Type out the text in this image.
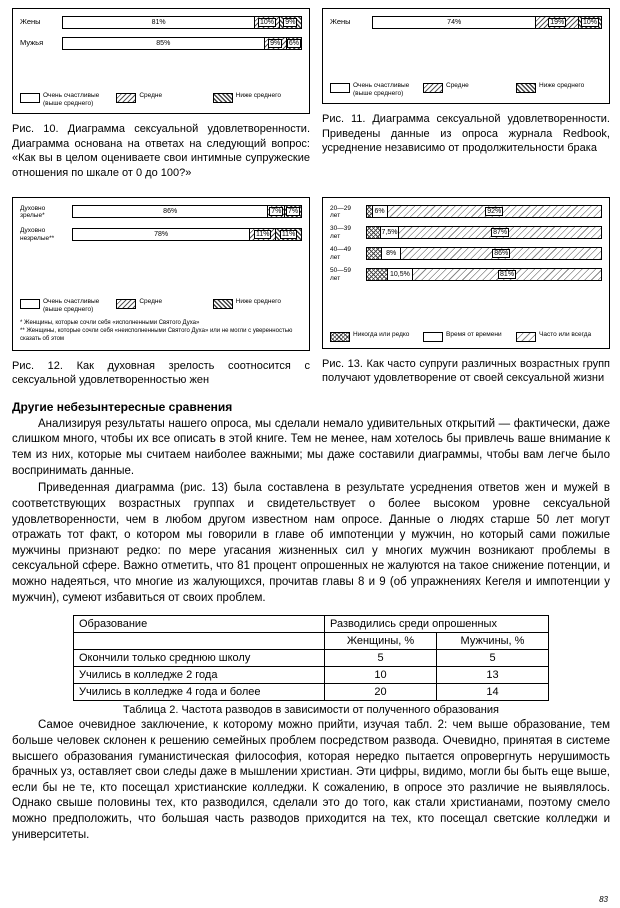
Жены	81%	10% 9%
Мужья	85%	9% 6%
Очень счастливые (выше среднего)
Средне	Ниже среднего

Рис. 10. Диаграмма сексуальной удовлетворенности. Диаграмма основана на ответах на следующий вопрос: «Как вы в целом оцениваете свои интимные супружеские отношения по шкале от 0 до 100?»

Жены	74%	19%	10%
Очень счастливые (выше среднего)
Средне	Ниже среднего

Рис. 11. Диаграмма сексуальной удовлетворенности. Приведены данные из опроса журнала Redbook, усреднение независимо от продолжительности брака

Духовно зрелые*	86%	7% 7%
Духовно незрелые**	78%	11% 11%
Очень счастливые (выше среднего)
Средне	Ниже среднего
* Женщины, которые сочли себя «исполненными Святого Духа»
** Женщины, которые сочли себя «неисполненными Святого Духа» или не могли с уверенностью сказать об этом

Рис. 12. Как духовная зрелость соотносится с сексуальной удовлетворенностью жен

20—29 лет	6%	92%
30—39 лет	7,5%	87%
40—49 лет	8%	86%
50—59 лет	10,5%	81%
Никогда или редко	Время от времени	Часто или всегда

Рис. 13. Как часто супруги различных возрастных групп получают удовлетворение от своей сексуальной жизни

Другие небезынтересные сравнения

Анализируя результаты нашего опроса, мы сделали немало удивительных открытий — фактически, даже слишком много, чтобы их все описать в этой книге. Тем не менее, нам хотелось бы привлечь ваше внимание к тем из них, которые мы считаем наиболее важными; мы даже составили диаграммы, чтобы вам легче было воспринимать данные.

Приведенная диаграмма (рис. 13) была составлена в результате усреднения ответов жен и мужей в соответствующих возрастных группах и свидетельствует о более высоком уровне сексуальной удовлетворенности, чем в любом другом известном нам опросе. Данные о людях старше 50 лет могут отражать тот факт, о котором мы говорили в главе об импотенции у мужчин, но который сами пожилые мужчины признают редко: по мере угасания жизненных сил у многих мужчин возникают проблемы в сексуальной сфере. Важно отметить, что 81 процент опрошенных не жалуются на такое снижение потенции, и можно надеяться, что многие из жалующихся, прочитав главы 8 и 9 (об упражнениях Кегеля и импотенции у мужчин), сумеют избавиться от своих проблем.

Образование	Разводились среди опрошенных	
	Женщины, %	Мужчины, %
Окончили только среднюю школу	5	5
Учились в колледже 2 года	10	13
Учились в колледже 4 года и более	20	14

Таблица 2. Частота разводов в зависимости от полученного образования

Самое очевидное заключение, к которому можно прийти, изучая табл. 2: чем выше образование, тем больше человек склонен к решению семейных проблем посредством развода. Очевидно, принятая в системе высшего образования гуманистическая философия, которая нередко пытается опровергнуть нерушимость брачных уз, оставляет свои следы даже в мышлении христиан. Эти цифры, видимо, могли бы быть еще выше, если бы не те, кто посещал христианские колледжи. К сожалению, в опросе это различие не выявлялось. Однако свыше половины тех, кто разводился, сделали это до того, как стали христианами, поэтому смело можно предположить, что большая часть разводов приходится на тех, кто посещал светские колледжи и университеты.

83
